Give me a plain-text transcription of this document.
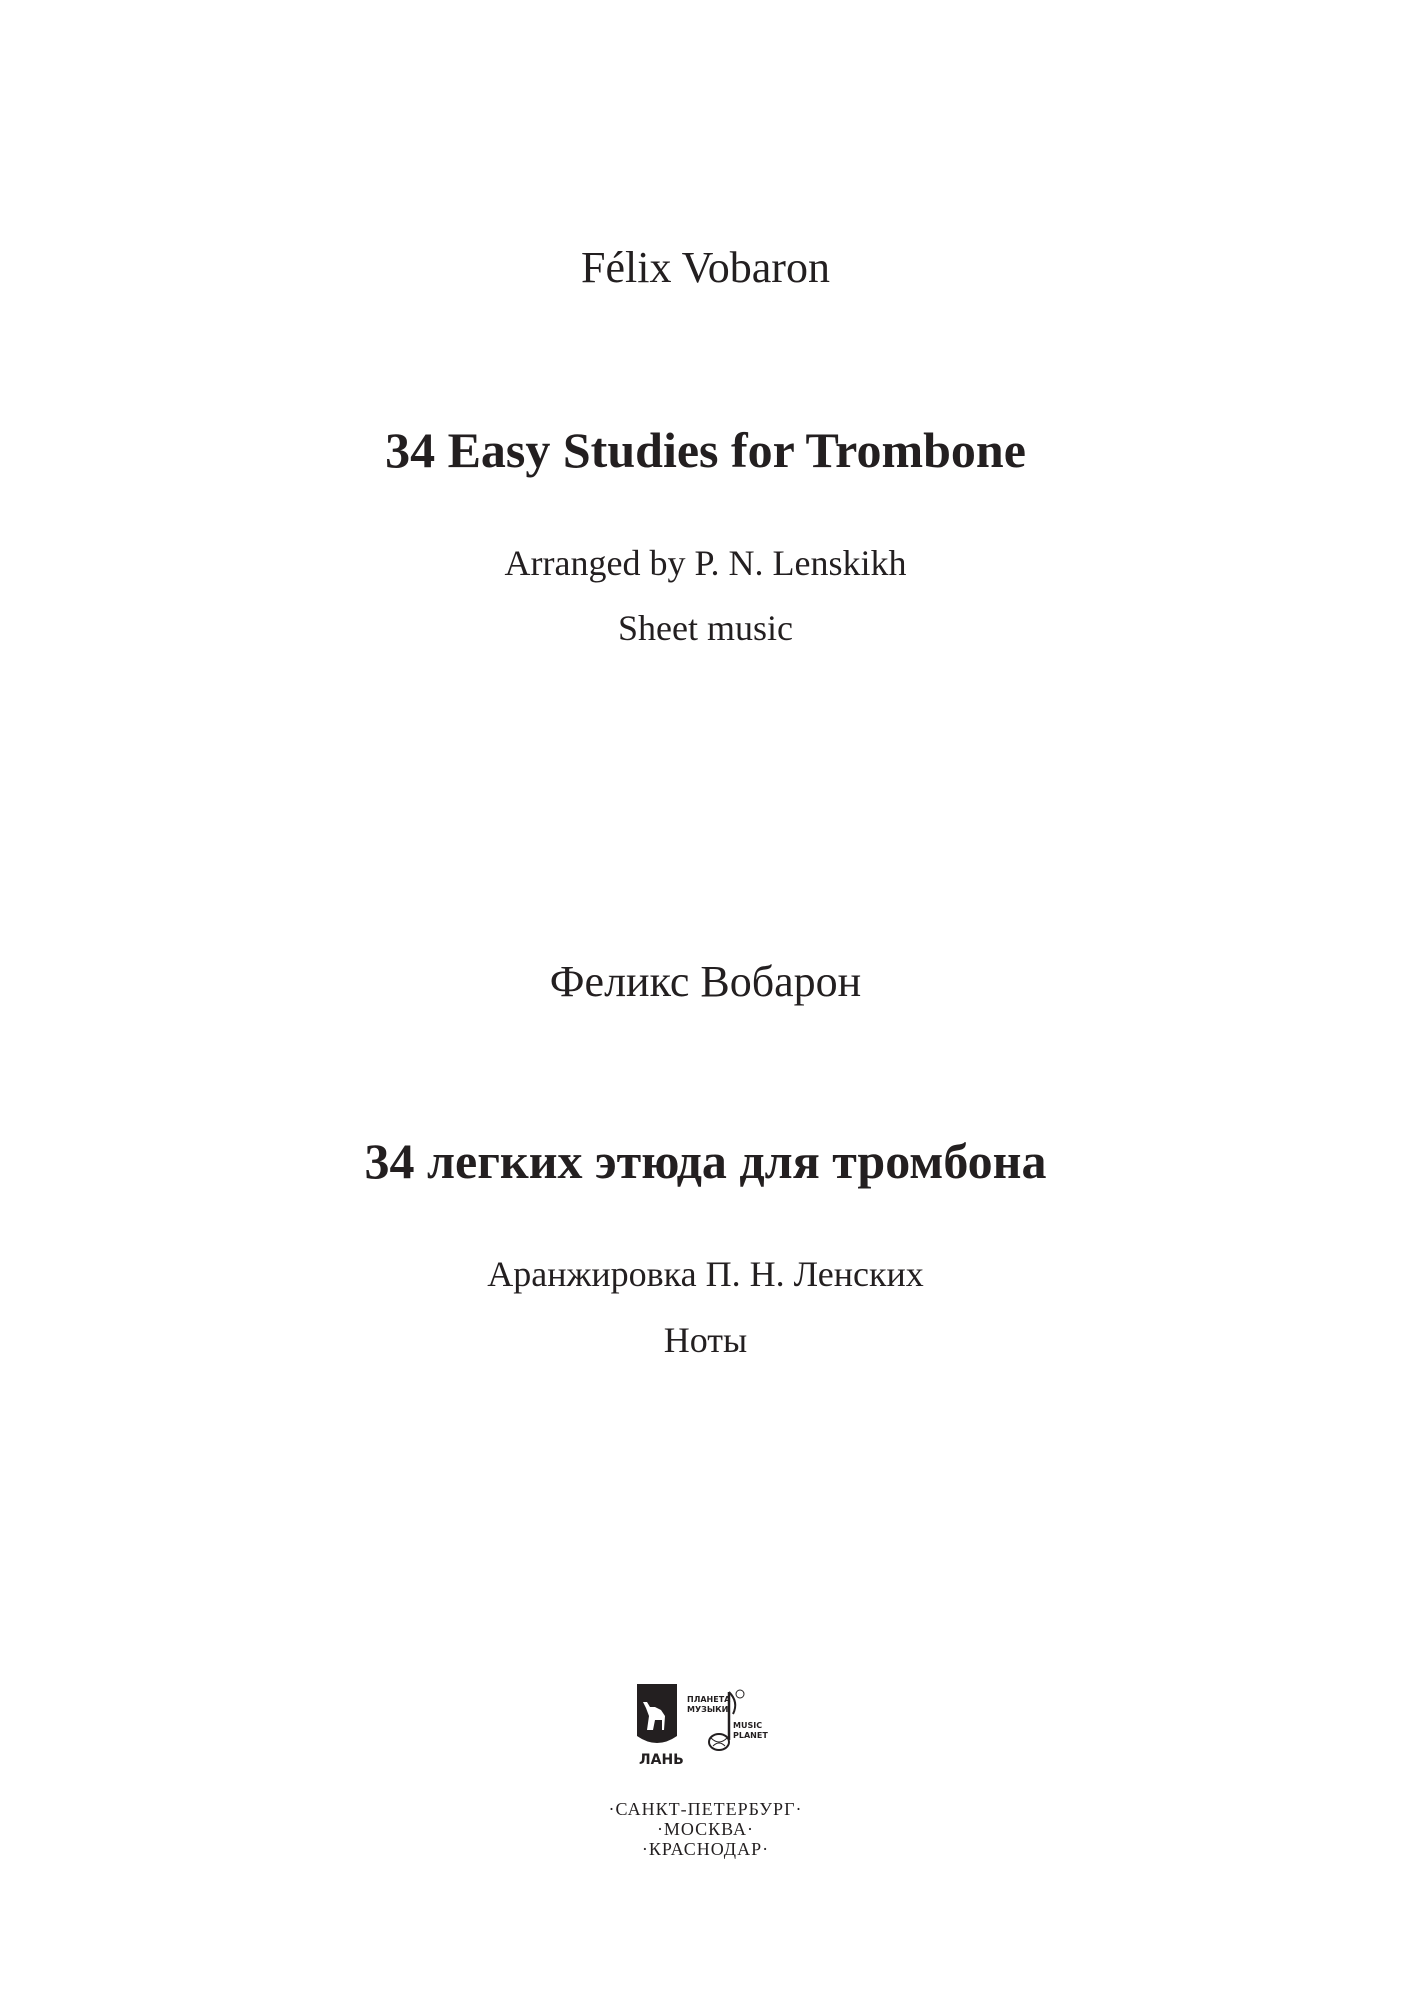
Félix Vobaron
34 Easy Studies for Trombone
Arranged by P. N. Lenskikh
Sheet music
Феликс Вобарон
34 легких этюда для тромбона
Аранжировка П. Н. Ленских
Ноты
ЛАНЬ
ПЛАНЕТА
МУЗЫКИ
MUSIC
PLANET
·САНКТ-ПЕТЕРБУРГ·
·МОСКВА·
·КРАСНОДАР·
